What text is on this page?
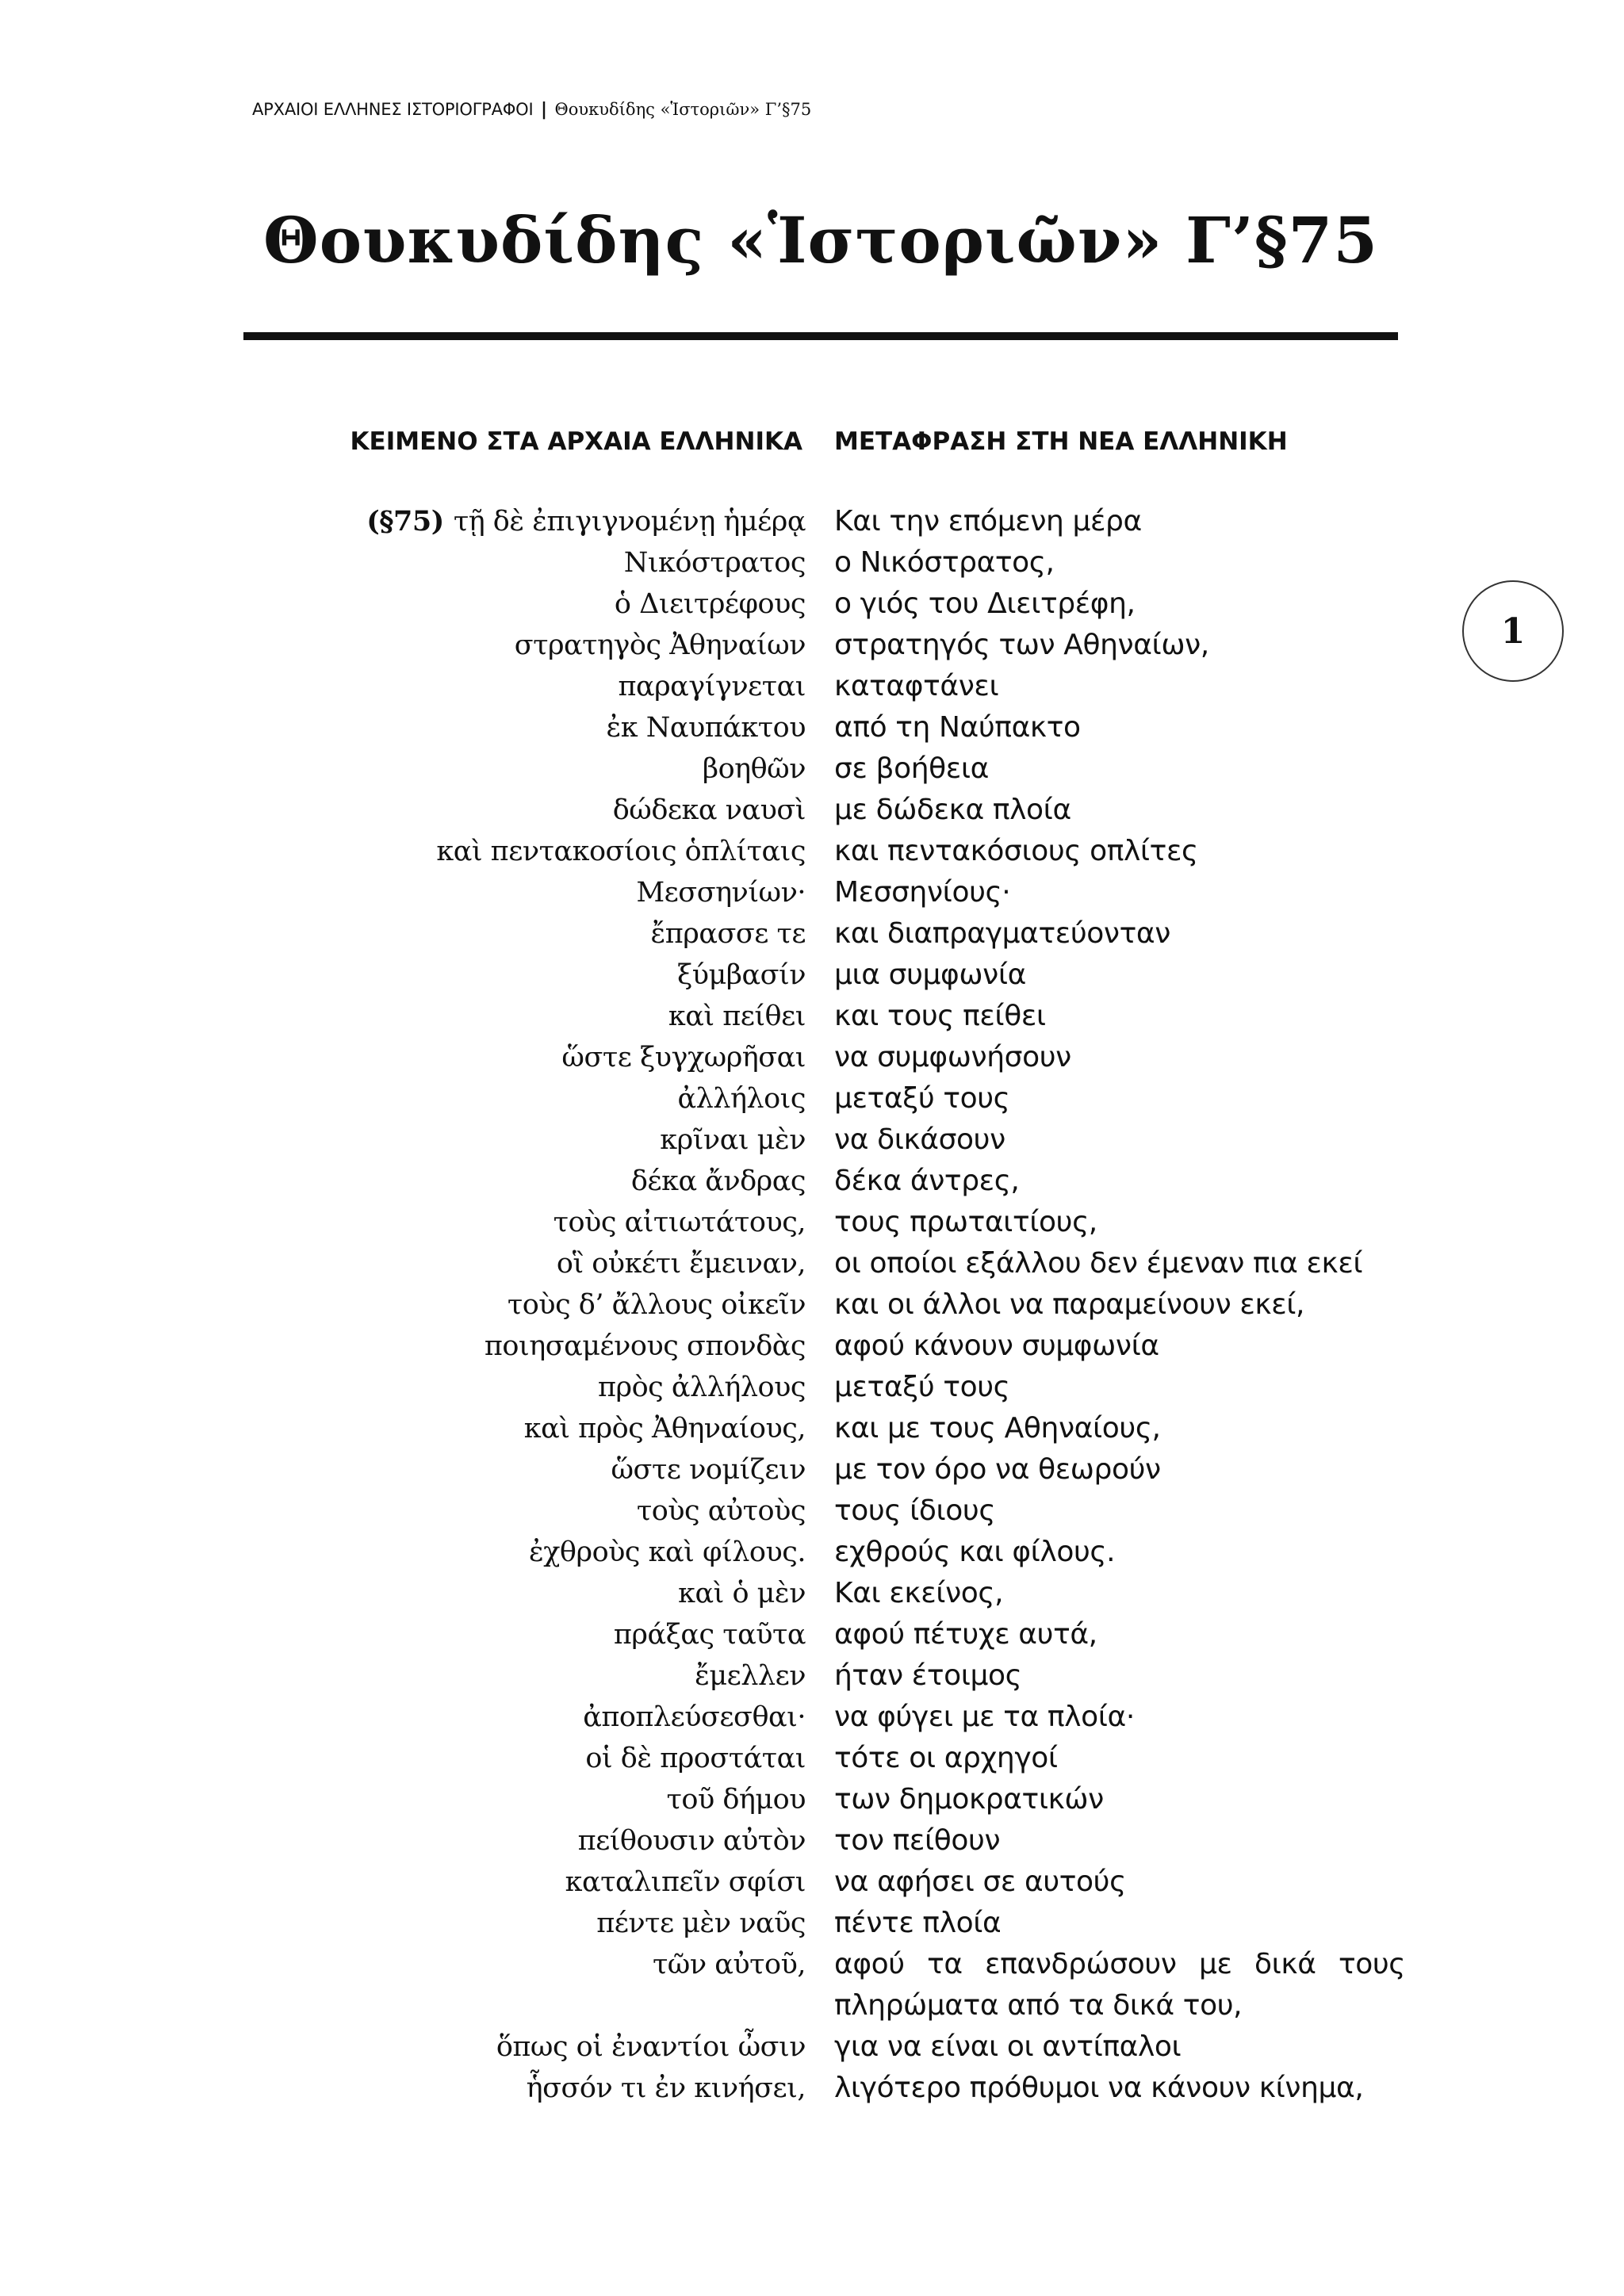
ΑΡΧΑΙΟΙ ΕΛΛΗΝΕΣ ΙΣΤΟΡΙΟΓΡΑΦΟΙ | Θουκυδίδης «Ἱστοριῶν» Γ’§75
Θουκυδίδης «Ἱστοριῶν» Γ’§75
ΚΕΙΜΕΝΟ ΣΤΑ ΑΡΧΑΙΑ ΕΛΛΗΝΙΚΑ ΜΕΤΑΦΡΑΣΗ ΣΤΗ ΝΕΑ ΕΛΛΗΝΙΚΗ
(§75) τῇ δὲ ἐπιγιγνομένῃ ἡμέρᾳ
Νικόστρατος
ὁ Διειτρέφους
στρατηγὸς Ἀθηναίων
παραγίγνεται
ἐκ Ναυπάκτου
βοηθῶν
δώδεκα ναυσὶ
καὶ πεντακοσίοις ὁπλίταις
Μεσσηνίων·
ἔπρασσε τε
ξύμβασίν
καὶ πείθει
ὥστε ξυγχωρῆσαι
ἀλλήλοις
κρῖναι μὲν
δέκα ἄνδρας
τοὺς αἰτιωτάτους,
οἳ οὐκέτι ἔμειναν,
τοὺς δ’ ἄλλους οἰκεῖν
ποιησαμένους σπονδὰς
πρὸς ἀλλήλους
καὶ πρὸς Ἀθηναίους,
ὥστε νομίζειν
τοὺς αὐτοὺς
ἐχθροὺς καὶ φίλους.
καὶ ὁ μὲν
πράξας ταῦτα
ἔμελλεν
ἀποπλεύσεσθαι·
οἱ δὲ προστάται
τοῦ δήμου
πείθουσιν αὐτὸν
καταλιπεῖν σφίσι
πέντε μὲν ναῦς
τῶν αὐτοῦ,
ὅπως οἱ ἐναντίοι ὦσιν
ἧσσόν τι ἐν κινήσει,
Και την επόμενη μέρα
ο Νικόστρατος,
ο γιός του Διειτρέφη,
στρατηγός των Αθηναίων,
καταφτάνει
από τη Ναύπακτο
σε βοήθεια
με δώδεκα πλοία
και πεντακόσιους οπλίτες
Μεσσηνίους·
και διαπραγματεύονταν
μια συμφωνία
και τους πείθει
να συμφωνήσουν
μεταξύ τους
να δικάσουν
δέκα άντρες,
τους πρωταιτίους,
οι οποίοι εξάλλου δεν έμεναν πια εκεί
και οι άλλοι να παραμείνουν εκεί,
αφού κάνουν συμφωνία
μεταξύ τους
και με τους Αθηναίους,
με τον όρο να θεωρούν
τους ίδιους
εχθρούς και φίλους.
Και εκείνος,
αφού πέτυχε αυτά,
ήταν έτοιμος
να φύγει με τα πλοία·
τότε οι αρχηγοί
των δημοκρατικών
τον πείθουν
να αφήσει σε αυτούς
πέντε πλοία
αφού τα επανδρώσουν με δικά τους πληρώματα από τα δικά του,
για να είναι οι αντίπαλοι
λιγότερο πρόθυμοι να κάνουν κίνημα,
1
